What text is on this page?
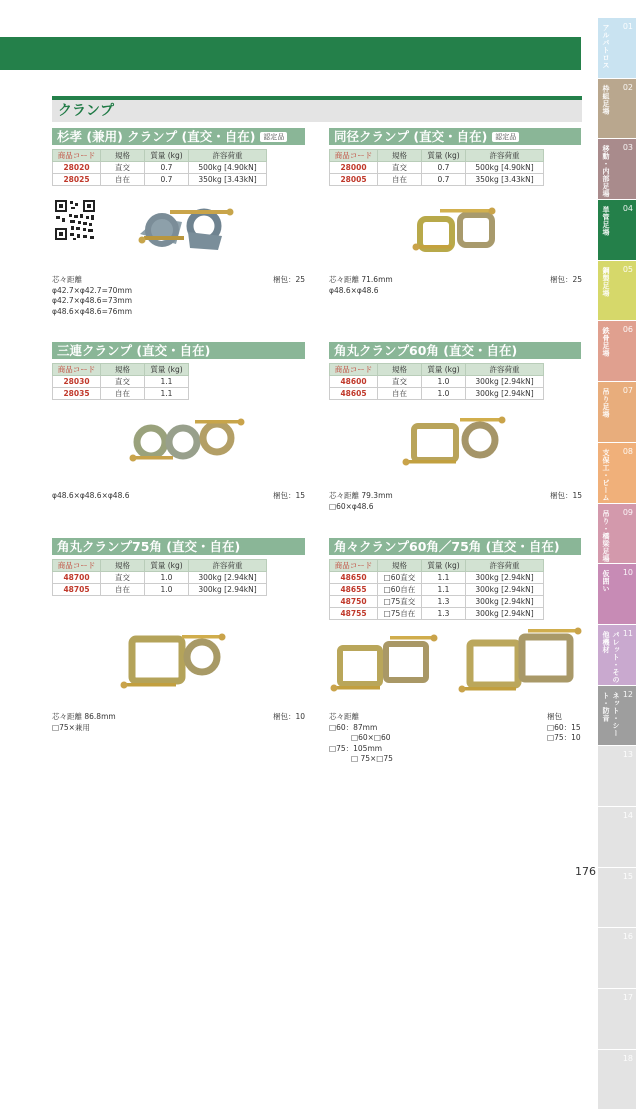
クランプ
杉孝 (兼用) クランプ (直交・自在) 認定品
商品コード	規格	質量 (kg)	許容荷重
28020	直交	0.7	500kg [4.90kN]
28025	自在	0.7	350kg [3.43kN]
同径クランプ (直交・自在) 認定品
商品コード	規格	質量 (kg)	許容荷重
28000	直交	0.7	500kg [4.90kN]
28005	自在	0.7	350kg [3.43kN]
芯々距離
φ42.7×φ42.7=70mm
φ42.7×φ48.6=73mm
φ48.6×φ48.6=76mm
梱包：25	芯々距離 71.6mm
φ48.6×φ48.6
梱包：25
三連クランプ (直交・自在)
商品コード	規格	質量 (kg)
28030	直交	1.1
28035	自在	1.1
角丸クランプ60角 (直交・自在)
商品コード	規格	質量 (kg)	許容荷重
48600	直交	1.0	300kg [2.94kN]
48605	自在	1.0	300kg [2.94kN]
φ48.6×φ48.6×φ48.6	梱包：15	芯々距離 79.3mm
□60×φ48.6
梱包：15
角丸クランプ75角 (直交・自在)
商品コード	規格	質量 (kg)	許容荷重
48700	直交	1.0	300kg [2.94kN]
48705	自在	1.0	300kg [2.94kN]
角々クランプ60角／75角 (直交・自在)
商品コード	規格	質量 (kg)	許容荷重
48650	□60直交	1.1	300kg [2.94kN]
48655	□60自在	1.1	300kg [2.94kN]
48750	□75直交	1.3	300kg [2.94kN]
48755	□75自在	1.3	300kg [2.94kN]
芯々距離 86.8mm
□75×兼用
梱包：10	芯々距離
□60：87mm
□60×□60
□75：105mm
□ 75×□75
梱包
□60：15
□75：10
01
アルバトロス
02
枠組足場
03
移動・内部足場
04
単管足場
05
鋼製足場
06
鉄骨足場
07
吊り足場
08
支保工・ビーム
09
吊り・橋梁足場
10
仮囲い
11
パレット・その他機材
12
ネット・シート・防音
13
14
15
16
17
18
176
